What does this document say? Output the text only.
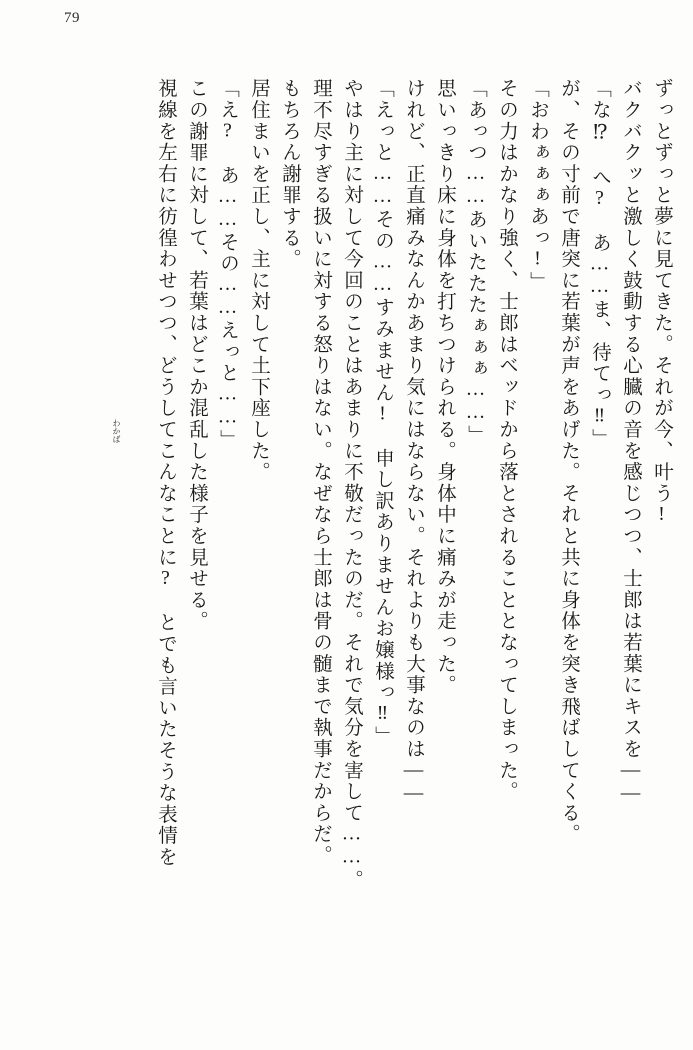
79
ずっとずっと夢に見てきた。それが今、叶う!
バクバクッと激しく鼓動する心臓の音を感じつつ、士郎は若葉にキスを――
「な⁉　へ?　あ……ま、待てっ‼」
が、その寸前で唐突に若葉が声をあげた。それと共に身体を突き飛ばしてくる。
「おわぁぁぁあっ!」
その力はかなり強く、士郎はベッドから落とされることとなってしまった。
「あっつ……あいたたたぁぁぁ……」
思いっきり床に身体を打ちつけられる。身体中に痛みが走った。
けれど、正直痛みなんかあまり気にはならない。それよりも大事なのは――
「えっと……その……すみません!　申し訳ありませんお嬢様っ‼」
やはり主に対して今回のことはあまりに不敬だったのだ。それで気分を害して……。
理不尽すぎる扱いに対する怒りはない。なぜなら士郎は骨の髄まで執事だからだ。
もちろん謝罪する。
居住まいを正し、主に対して土下座した。
「え?　あ……その……えっと……」
この謝罪に対して、若葉はどこか混乱した様子を見せる。
視線を左右に彷徨わせつつ、どうしてこんなことに?　とでも言いたそうな表情を
わかば
